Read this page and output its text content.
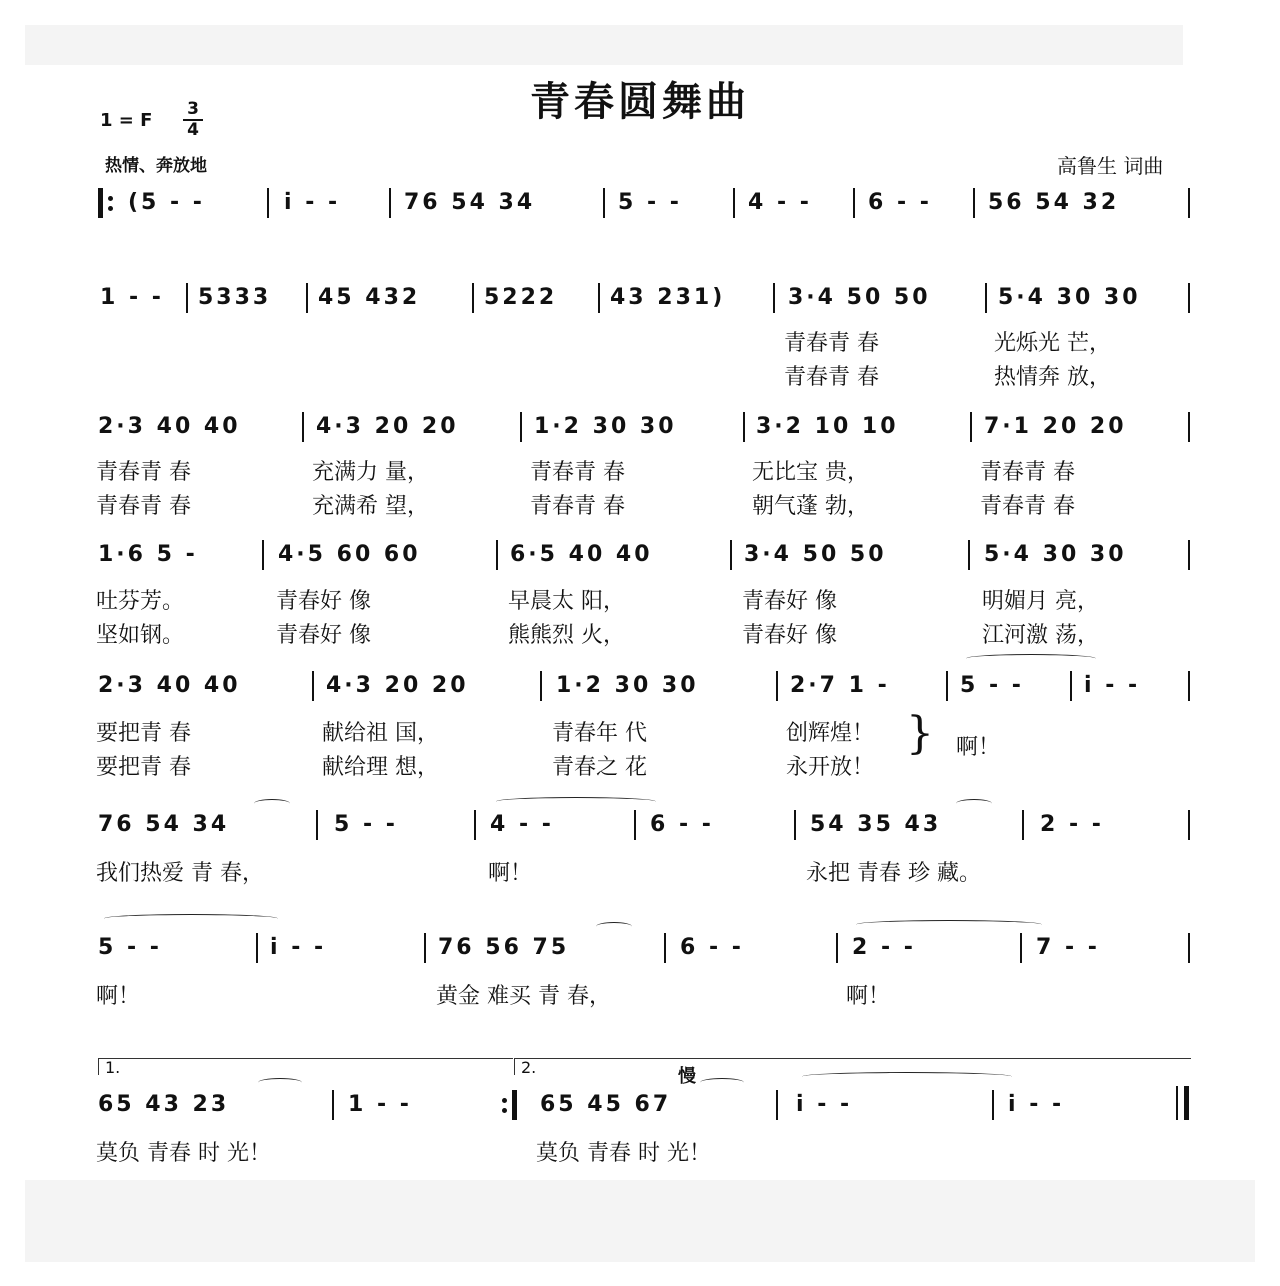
青春圆舞曲
1 = F
3
4
热情、奔放地	高鲁生 词曲
(5 - -	i̇ - -	76 54 34	5 - -	4 - -	6 - -	56 54 32
1 - - 5333 45 432	5222 43 231)	3·4 50 50	5·4 30 30
青春青 春	光烁光 芒，
青春青 春	热情奔 放，
2·3 40 40	4·3 20 20	1·2 30 30	3·2 10 10	7·1 20 20
青春青 春	充满力 量，	青春青 春	无比宝 贵，	青春青 春
青春青 春	充满希 望，	青春青 春	朝气蓬 勃，	青春青 春
1·6 5 -	4·5 60 60	6·5 40 40	3·4 50 50	5·4 30 30
吐芬芳。	青春好 像	早晨太 阳，	青春好 像	明媚月 亮，
坚如钢。	青春好 像	熊熊烈 火，	青春好 像	江河激 荡，
2·3 40 40	4·3 20 20	1·2 30 30	2·7 1 -	5 - -	i̇ - -
要把青 春	献给祖 国，	青春年 代	创辉煌！
要把青 春	献给理 想，	青春之 花	永开放！
} 啊！
76 54 34	5 - -	4 - -	6 - -	54 35 43	2 - -
我们热爱 青 春，	啊！	永把 青春 珍 藏。
5 - -	i̇ - -	76 56 75	6 - -	2 - -	7 - -
啊！	黄金 难买 青 春，	啊！
1.	2.	慢
65 43 23	1 - -	65 45 67	i̇ - -	i̇ - -
莫负 青春 时 光！	莫负 青春 时 光！
